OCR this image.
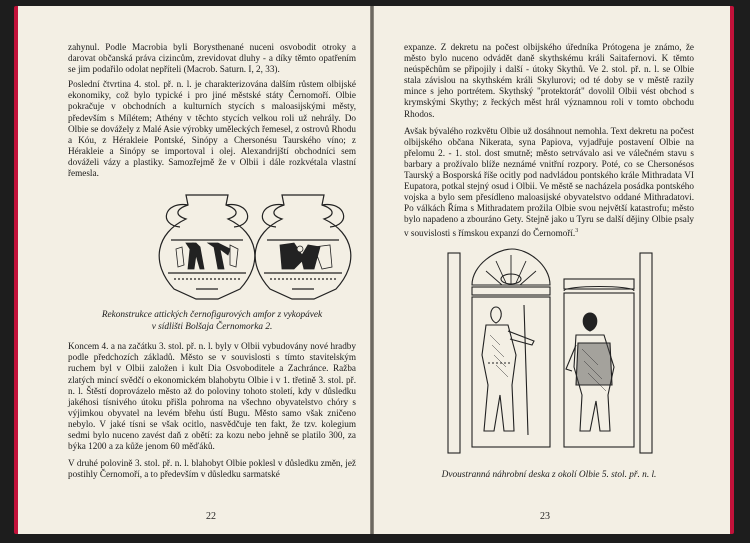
zahynul. Podle Macrobia byli Borysthenané nuceni osvobodit otroky a darovat občanská práva cizincům, zrevidovat dluhy - a díky těmto opatřením se jim podařilo odolat nepříteli (Macrob. Saturn. I, 2, 33).

Poslední čtvrtina 4. stol. př. n. l. je charakterizována dalším růstem olbijské ekonomiky, což bylo typické i pro jiné městské státy Černomoří. Olbie pokračuje v obchodních a kulturních stycích s maloasijskými městy, především s Mílétem; Athény v těchto stycích velkou roli už nehrály. Do Olbie se dovážely z Malé Asie výrobky uměleckých řemesel, z ostrovů Rhodu a Kóu, z Hérakleie Pontské, Sinópy a Chersonésu Taurského víno; z Hérakleie a Sinópy se importoval i olej. Alexandrijští obchodníci sem dováželi vázy a plastiky. Samozřejmě že v Olbii i dále rozkvétala vlastní řemesla.

Rekonstrukce attických černofigurových amfor z vykopávek
v sídlišti Bolšaja Černomorka 2.

Koncem 4. a na začátku 3. stol. př. n. l. byly v Olbii vybudovány nové hradby podle předchozích základů. Město se v souvislosti s tímto stavitelským ruchem byl v Olbii založen i kult Dia Osvoboditele a Zachránce. Ražba zlatých mincí svědčí o ekonomickém blahobytu Olbie i v 1. třetině 3. stol. př. n. l. Štěstí doprovázelo město až do poloviny tohoto století, kdy v důsledku jakéhosi tísnivého útoku přišla pohroma na všechno obyvatelstvo chóry s výjimkou obyvatel na levém břehu ústí Bugu. Město samo však zničeno nebylo. V jaké tísni se však ocitlo, nasvědčuje ten fakt, že tzv. kolegium sedmi bylo nuceno zavést daň z obětí: za kozu nebo jehně se platilo 300, za býka 1200 a za kůže jenom 60 měďáků.

V druhé polovině 3. stol. př. n. l. blahobyt Olbie poklesl v důsledku změn, jež postihly Černomoří, a to především v důsledku sarmatské

22

expanze. Z dekretu na počest olbijského úředníka Prótogena je známo, že město bylo nuceno odvádět daně skythskému králi Saitafernovi. K těmto neúspěchům se připojily i další - útoky Skythů. Ve 2. stol. př. n. l. se Olbie stala závislou na skythském králi Skylurovi; od té doby se v městě razily mince s jeho portrétem. Skythský "protektorát" dovolil Olbii vést obchod s krymskými Skythy; z řeckých měst hrál významnou roli v tomto obchodu Rhodos.

Avšak bývalého rozkvětu Olbie už dosáhnout nemohla. Text dekretu na počest olbijského občana Nikerata, syna Papiova, vyjadřuje postavení Olbie na přelomu 2. - 1. stol. dost smutně; město setrvávalo asi ve válečném stavu s barbary a prožívalo blíže neznámé vnitřní rozpory. Poté, co se Chersonésos Taurský a Bosporská říše ocitly pod nadvládou pontského krále Mithradata VI Eupatora, potkal stejný osud i Olbii. Ve městě se nacházela posádka pontského vojska a bylo sem přesídleno maloasijské obyvatelstvo oddané Mithradatovi. Po válkách Říma s Mithradatem prožila Olbie svou největší katastrofu; město bylo napadeno a zbouráno Gety. Stejně jako u Tyru se další dějiny Olbie psaly v souvislosti s římskou expanzí do Černomoří.$^3$

Dvoustranná náhrobní deska z okolí Olbie 5. stol. př. n. l.
23
